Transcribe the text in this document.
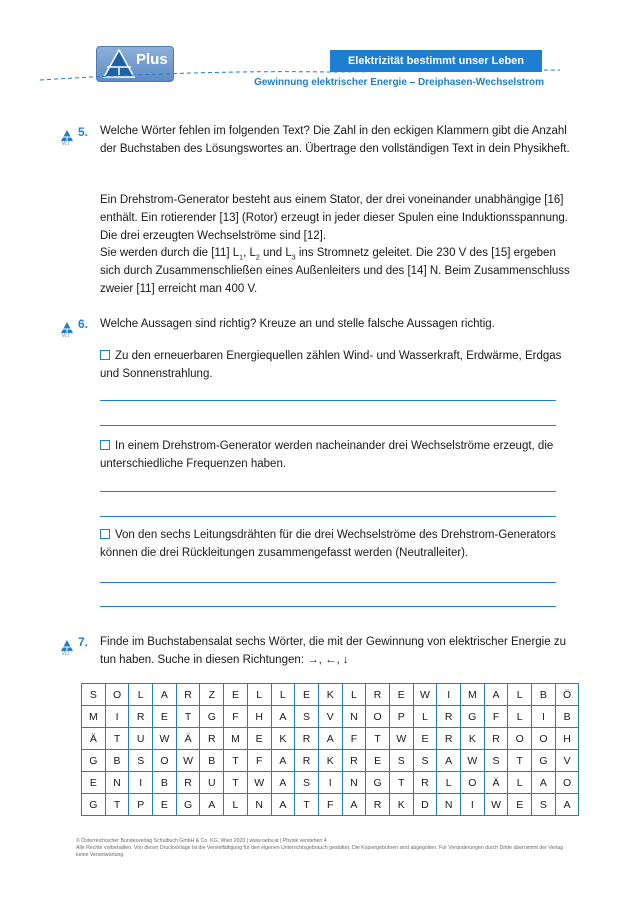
Plus	Elektrizität bestimmt unser Leben
Gewinnung elektrischer Energie – Dreiphasen-Wechselstrom
W1
5. Welche Wörter fehlen im folgenden Text? Die Zahl in den eckigen Klammern gibt die Anzahl der Buchstaben des Lösungswortes an. Übertrage den vollständigen Text in dein Physikheft.
Ein Drehstrom-Generator besteht aus einem Stator, der drei voneinander unabhängige [16] enthält. Ein rotierender [13] (Rotor) erzeugt in jeder dieser Spulen eine Induktionsspannung. Die drei erzeugten Wechselströme sind [12].
Sie werden durch die [11] $L_1$, $L_2$ und $L_3$ ins Stromnetz geleitet. Die 230 V des [15] ergeben sich durch Zusammenschließen eines Außenleiters und des [14] N. Beim Zusammenschluss zweier [11] erreicht man 400 V.
W1
6. Welche Aussagen sind richtig? Kreuze an und stelle falsche Aussagen richtig.
Zu den erneuerbaren Energiequellen zählen Wind- und Wasserkraft, Erdwärme, Erdgas und Sonnenstrahlung.
In einem Drehstrom-Generator werden nacheinander drei Wechselströme erzeugt, die unterschiedliche Frequenzen haben.
Von den sechs Leitungsdrähten für die drei Wechselströme des Drehstrom-Generators können die drei Rückleitungen zusammengefasst werden (Neutralleiter).
W1
7. Finde im Buchstabensalat sechs Wörter, die mit der Gewinnung von elektrischer Energie zu tun haben. Suche in diesen Richtungen: →, ←, ↓
S	O	L	A	R	Z	E	L	L	E	K	L	R	E	W	I	M	A	L	B	Ö
M	I	R	E	T	G	F	H	A	S	V	N	O	P	L	R	G	F	L	I	B
Ä	T	U	W	Ä	R	M	E	K	R	A	F	T	W	E	R	K	R	O	O	H
G	B	S	O	W	B	T	F	A	R	K	R	E	S	S	A	W	S	T	G	V
E	N	I	B	R	U	T	W	A	S	I	N	G	T	R	L	O	Ä	L	A	O
G	T	P	E	G	A	L	N	A	T	F	A	R	K	D	N	I	W	E	S	A
© Österreichischer Bundesverlag Schulbuch GmbH & Co. KG, Wien 2020 | www.oebv.at | Physik verstehen 4
Alle Rechte vorbehalten. Von dieser Druckvorlage ist die Vervielfältigung für den eigenen Unterrichtsgebrauch gestattet. Die Kopiergebühren sind abgegolten. Für Veränderungen durch Dritte übernimmt der Verlag keine Verantwortung.
